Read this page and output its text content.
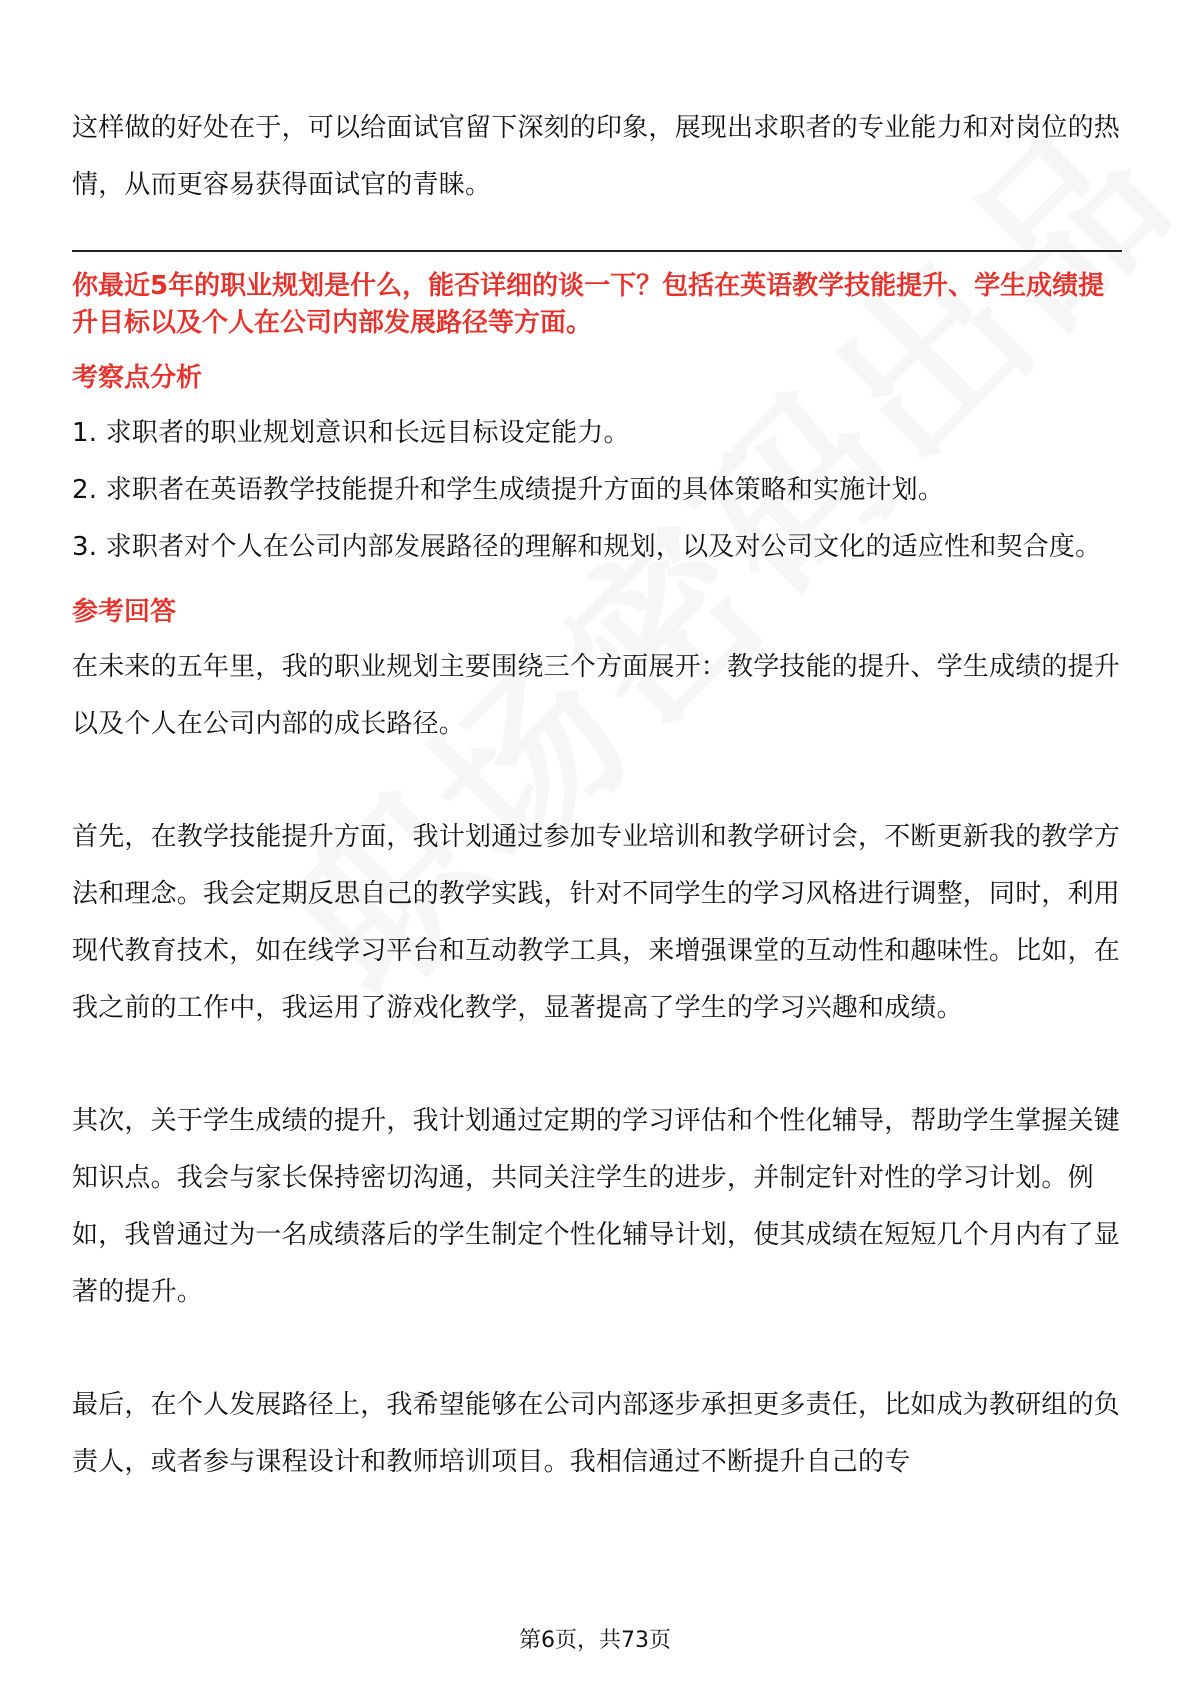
这样做的好处在于，可以给面试官留下深刻的印象，展现出求职者的专业能力和对岗位的热情，从而更容易获得面试官的青睐。

你最近5年的职业规划是什么，能否详细的谈一下？包括在英语教学技能提升、学生成绩提升目标以及个人在公司内部发展路径等方面。

考察点分析

1. 求职者的职业规划意识和长远目标设定能力。

2. 求职者在英语教学技能提升和学生成绩提升方面的具体策略和实施计划。

3. 求职者对个人在公司内部发展路径的理解和规划，以及对公司文化的适应性和契合度。

参考回答

在未来的五年里，我的职业规划主要围绕三个方面展开：教学技能的提升、学生成绩的提升以及个人在公司内部的成长路径。

首先，在教学技能提升方面，我计划通过参加专业培训和教学研讨会，不断更新我的教学方法和理念。我会定期反思自己的教学实践，针对不同学生的学习风格进行调整，同时，利用现代教育技术，如在线学习平台和互动教学工具，来增强课堂的互动性和趣味性。比如，在我之前的工作中，我运用了游戏化教学，显著提高了学生的学习兴趣和成绩。

其次，关于学生成绩的提升，我计划通过定期的学习评估和个性化辅导，帮助学生掌握关键知识点。我会与家长保持密切沟通，共同关注学生的进步，并制定针对性的学习计划。例如，我曾通过为一名成绩落后的学生制定个性化辅导计划，使其成绩在短短几个月内有了显著的提升。

最后，在个人发展路径上，我希望能够在公司内部逐步承担更多责任，比如成为教研组的负责人，或者参与课程设计和教师培训项目。我相信通过不断提升自己的专

第6页，共73页
